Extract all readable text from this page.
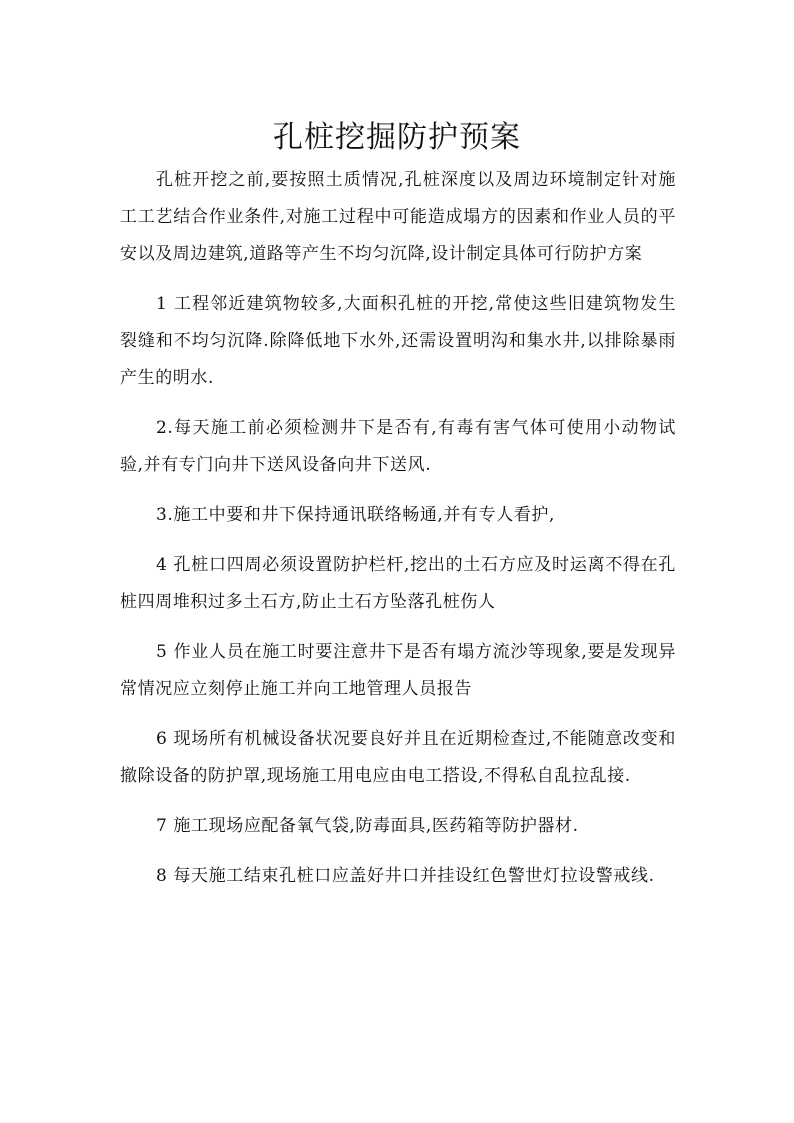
孔桩挖掘防护预案

孔桩开挖之前,要按照土质情况,孔桩深度以及周边环境制定针对施工工艺结合作业条件,对施工过程中可能造成塌方的因素和作业人员的平安以及周边建筑,道路等产生不均匀沉降,设计制定具体可行防护方案

1 工程邻近建筑物较多,大面积孔桩的开挖,常使这些旧建筑物发生裂缝和不均匀沉降.除降低地下水外,还需设置明沟和集水井,以排除暴雨产生的明水.

2.每天施工前必须检测井下是否有,有毒有害气体可使用小动物试验,并有专门向井下送风设备向井下送风.

3.施工中要和井下保持通讯联络畅通,并有专人看护,

4 孔桩口四周必须设置防护栏杆,挖出的土石方应及时运离不得在孔桩四周堆积过多土石方,防止土石方坠落孔桩伤人

5 作业人员在施工时要注意井下是否有塌方流沙等现象,要是发现异常情况应立刻停止施工并向工地管理人员报告

6 现场所有机械设备状况要良好并且在近期检查过,不能随意改变和撤除设备的防护罩,现场施工用电应由电工搭设,不得私自乱拉乱接.

7 施工现场应配备氧气袋,防毒面具,医药箱等防护器材.

8 每天施工结束孔桩口应盖好井口并挂设红色警世灯拉设警戒线.
